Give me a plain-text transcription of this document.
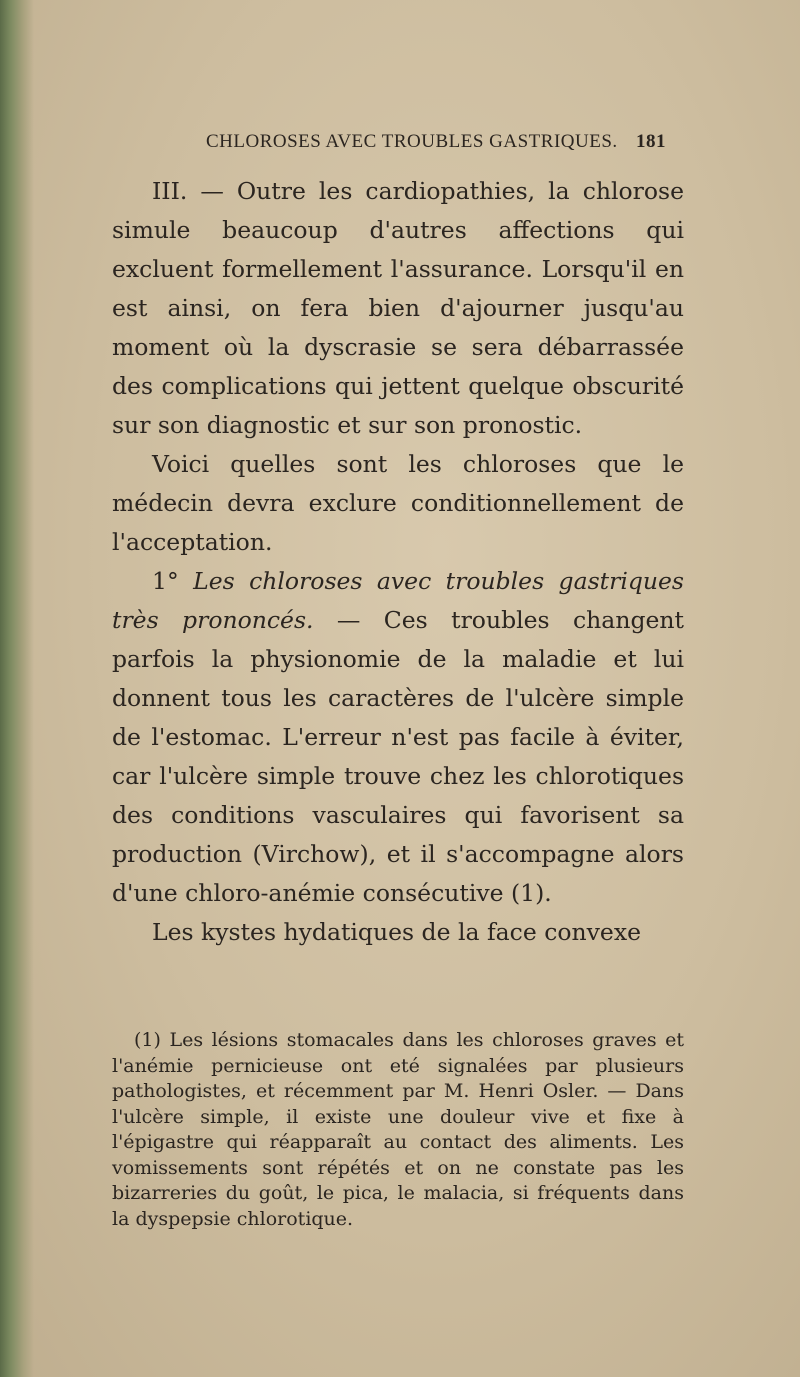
CHLOROSES AVEC TROUBLES GASTRIQUES. 181

III. — Outre les cardiopathies, la chlorose simule beaucoup d'autres affections qui excluent formellement l'assurance. Lorsqu'il en est ainsi, on fera bien d'ajourner jusqu'au moment où la dyscrasie se sera débarrassée des complications qui jettent quelque obscurité sur son diagnostic et sur son pronostic.

Voici quelles sont les chloroses que le médecin devra exclure conditionnellement de l'acceptation.

1° Les chloroses avec troubles gastriques très prononcés. — Ces troubles changent parfois la physionomie de la maladie et lui donnent tous les caractères de l'ulcère simple de l'estomac. L'erreur n'est pas facile à éviter, car l'ulcère simple trouve chez les chlorotiques des conditions vasculaires qui favorisent sa production (Virchow), et il s'accompagne alors d'une chloro-anémie consécutive (1).

Les kystes hydatiques de la face convexe

(1) Les lésions stomacales dans les chloroses graves et l'anémie pernicieuse ont eté signalées par plusieurs pathologistes, et récemment par M. Henri Osler. — Dans l'ulcère simple, il existe une douleur vive et fixe à l'épigastre qui réapparaît au contact des aliments. Les vomissements sont répétés et on ne constate pas les bizarreries du goût, le pica, le malacia, si fréquents dans la dyspepsie chlorotique.
